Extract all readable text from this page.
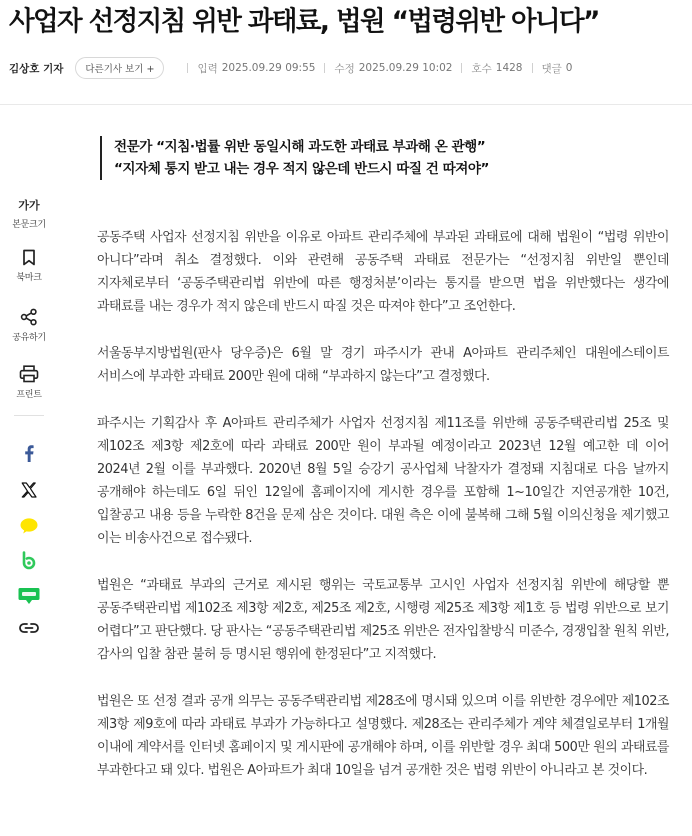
사업자 선정지침 위반 과태료, 법원 “법령위반 아니다”
김상호 기자	다른기사 보기 +	입력 2025.09.29 09:55 수정 2025.09.29 10:02 호수 1428 댓글 0

전문가 “지침·법률 위반 동일시해 과도한 과태료 부과해 온 관행”

“지자체 통지 받고 내는 경우 적지 않은데 반드시 따질 건 따져야”

가가
본문크기
북마크
공유하기
프린트

공동주택 사업자 선정지침 위반을 이유로 아파트 관리주체에 부과된 과태료에 대해 법원이 “법령 위반이 아니다”라며 취소 결정했다. 이와 관련해 공동주택 과태료 전문가는 “선정지침 위반일 뿐인데 지자체로부터 ‘공동주택관리법 위반에 따른 행정처분’이라는 통지를 받으면 법을 위반했다는 생각에 과태료를 내는 경우가 적지 않은데 반드시 따질 것은 따져야 한다”고 조언한다.

서울동부지방법원(판사 당우증)은 6월 말 경기 파주시가 관내 A아파트 관리주체인 대원에스테이트 서비스에 부과한 과태료 200만 원에 대해 “부과하지 않는다”고 결정했다.

파주시는 기획감사 후 A아파트 관리주체가 사업자 선정지침 제11조를 위반해 공동주택관리법 25조 및 제102조 제3항 제2호에 따라 과태료 200만 원이 부과될 예정이라고 2023년 12월 예고한 데 이어 2024년 2월 이를 부과했다. 2020년 8월 5일 승강기 공사업체 낙찰자가 결정돼 지침대로 다음 날까지 공개해야 하는데도 6일 뒤인 12일에 홈페이지에 게시한 경우를 포함해 1~10일간 지연공개한 10건, 입찰공고 내용 등을 누락한 8건을 문제 삼은 것이다. 대원 측은 이에 불복해 그해 5월 이의신청을 제기했고 이는 비송사건으로 접수됐다.

법원은 “과태료 부과의 근거로 제시된 행위는 국토교통부 고시인 사업자 선정지침 위반에 해당할 뿐 공동주택관리법 제102조 제3항 제2호, 제25조 제2호, 시행령 제25조 제3항 제1호 등 법령 위반으로 보기 어렵다”고 판단했다. 당 판사는 “공동주택관리법 제25조 위반은 전자입찰방식 미준수, 경쟁입찰 원칙 위반, 감사의 입찰 참관 불허 등 명시된 행위에 한정된다”고 지적했다.

법원은 또 선정 결과 공개 의무는 공동주택관리법 제28조에 명시돼 있으며 이를 위반한 경우에만 제102조 제3항 제9호에 따라 과태료 부과가 가능하다고 설명했다. 제28조는 관리주체가 계약 체결일로부터 1개월 이내에 계약서를 인터넷 홈페이지 및 게시판에 공개해야 하며, 이를 위반할 경우 최대 500만 원의 과태료를 부과한다고 돼 있다. 법원은 A아파트가 최대 10일을 넘겨 공개한 것은 법령 위반이 아니라고 본 것이다.
